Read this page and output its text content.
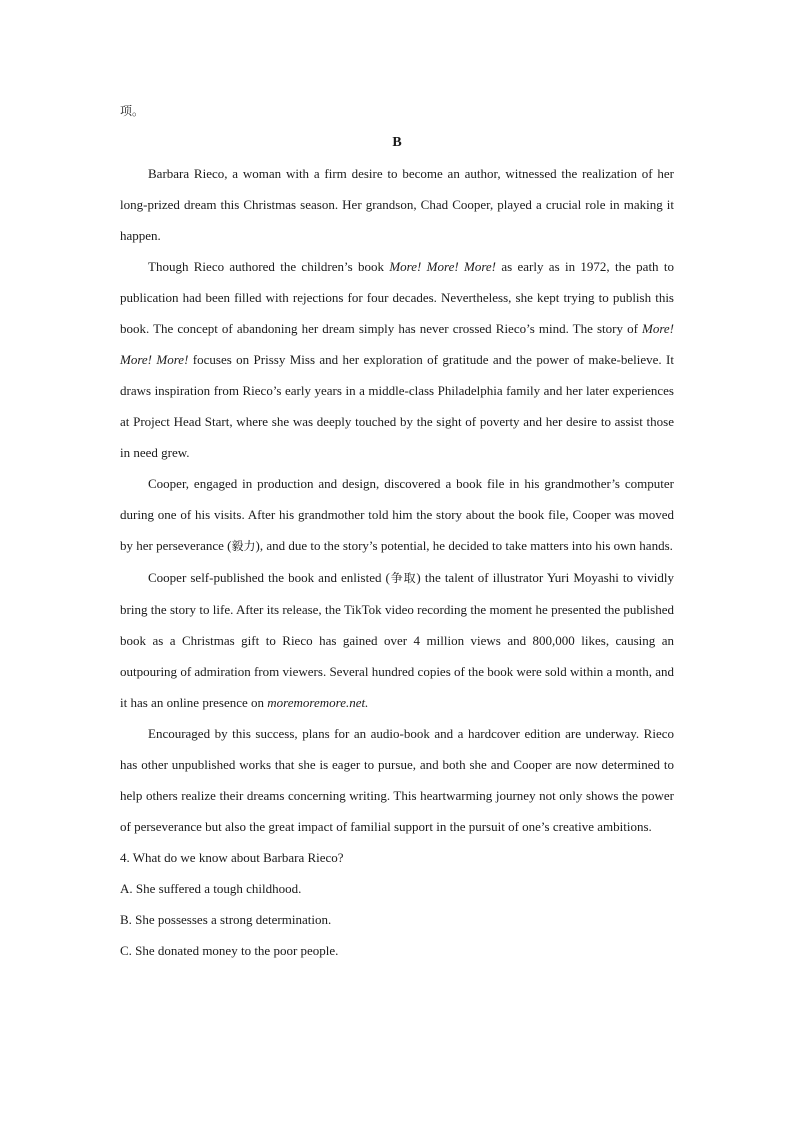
项。

B

Barbara Rieco, a woman with a firm desire to become an author, witnessed the realization of her long-prized dream this Christmas season. Her grandson, Chad Cooper, played a crucial role in making it happen.

Though Rieco authored the children’s book More! More! More! as early as in 1972, the path to publication had been filled with rejections for four decades. Nevertheless, she kept trying to publish this book. The concept of abandoning her dream simply has never crossed Rieco’s mind. The story of More! More! More! focuses on Prissy Miss and her exploration of gratitude and the power of make-believe. It draws inspiration from Rieco’s early years in a middle-class Philadelphia family and her later experiences at Project Head Start, where she was deeply touched by the sight of poverty and her desire to assist those in need grew.

Cooper, engaged in production and design, discovered a book file in his grandmother’s computer during one of his visits. After his grandmother told him the story about the book file, Cooper was moved by her perseverance (毅力), and due to the story’s potential, he decided to take matters into his own hands.

Cooper self-published the book and enlisted (争取) the talent of illustrator Yuri Moyashi to vividly bring the story to life. After its release, the TikTok video recording the moment he presented the published book as a Christmas gift to Rieco has gained over 4 million views and 800,000 likes, causing an outpouring of admiration from viewers. Several hundred copies of the book were sold within a month, and it has an online presence on moremoremore.net.

Encouraged by this success, plans for an audio-book and a hardcover edition are underway. Rieco has other unpublished works that she is eager to pursue, and both she and Cooper are now determined to help others realize their dreams concerning writing. This heartwarming journey not only shows the power of perseverance but also the great impact of familial support in the pursuit of one’s creative ambitions.

4. What do we know about Barbara Rieco?

A. She suffered a tough childhood.

B. She possesses a strong determination.

C. She donated money to the poor people.
